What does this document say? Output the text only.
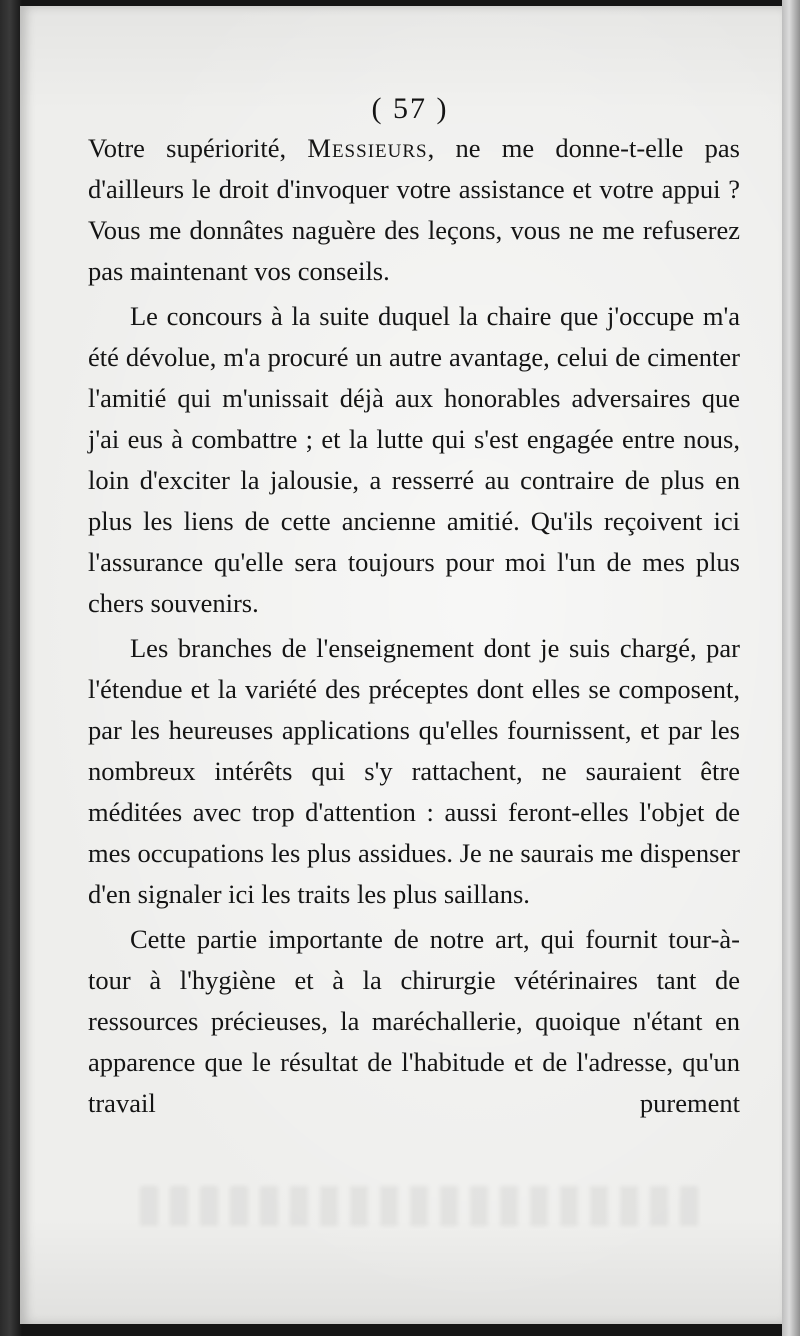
( 57 )

Votre supériorité, Messieurs, ne me donne-t-elle pas d'ailleurs le droit d'invoquer votre assistance et votre appui ? Vous me donnâtes naguère des leçons, vous ne me refuserez pas maintenant vos conseils.

Le concours à la suite duquel la chaire que j'occupe m'a été dévolue, m'a procuré un autre avantage, celui de cimenter l'amitié qui m'unissait déjà aux honorables adversaires que j'ai eus à combattre ; et la lutte qui s'est engagée entre nous, loin d'exciter la jalousie, a resserré au contraire de plus en plus les liens de cette ancienne amitié. Qu'ils reçoivent ici l'assurance qu'elle sera toujours pour moi l'un de mes plus chers souvenirs.

Les branches de l'enseignement dont je suis chargé, par l'étendue et la variété des préceptes dont elles se composent, par les heureuses applications qu'elles fournissent, et par les nombreux intérêts qui s'y rattachent, ne sauraient être méditées avec trop d'attention : aussi feront-elles l'objet de mes occupations les plus assidues. Je ne saurais me dispenser d'en signaler ici les traits les plus saillans.

Cette partie importante de notre art, qui fournit tour-à-tour à l'hygiène et à la chirurgie vétérinaires tant de ressources précieuses, la maréchallerie, quoique n'étant en apparence que le résultat de l'habitude et de l'adresse, qu'un travail purement
